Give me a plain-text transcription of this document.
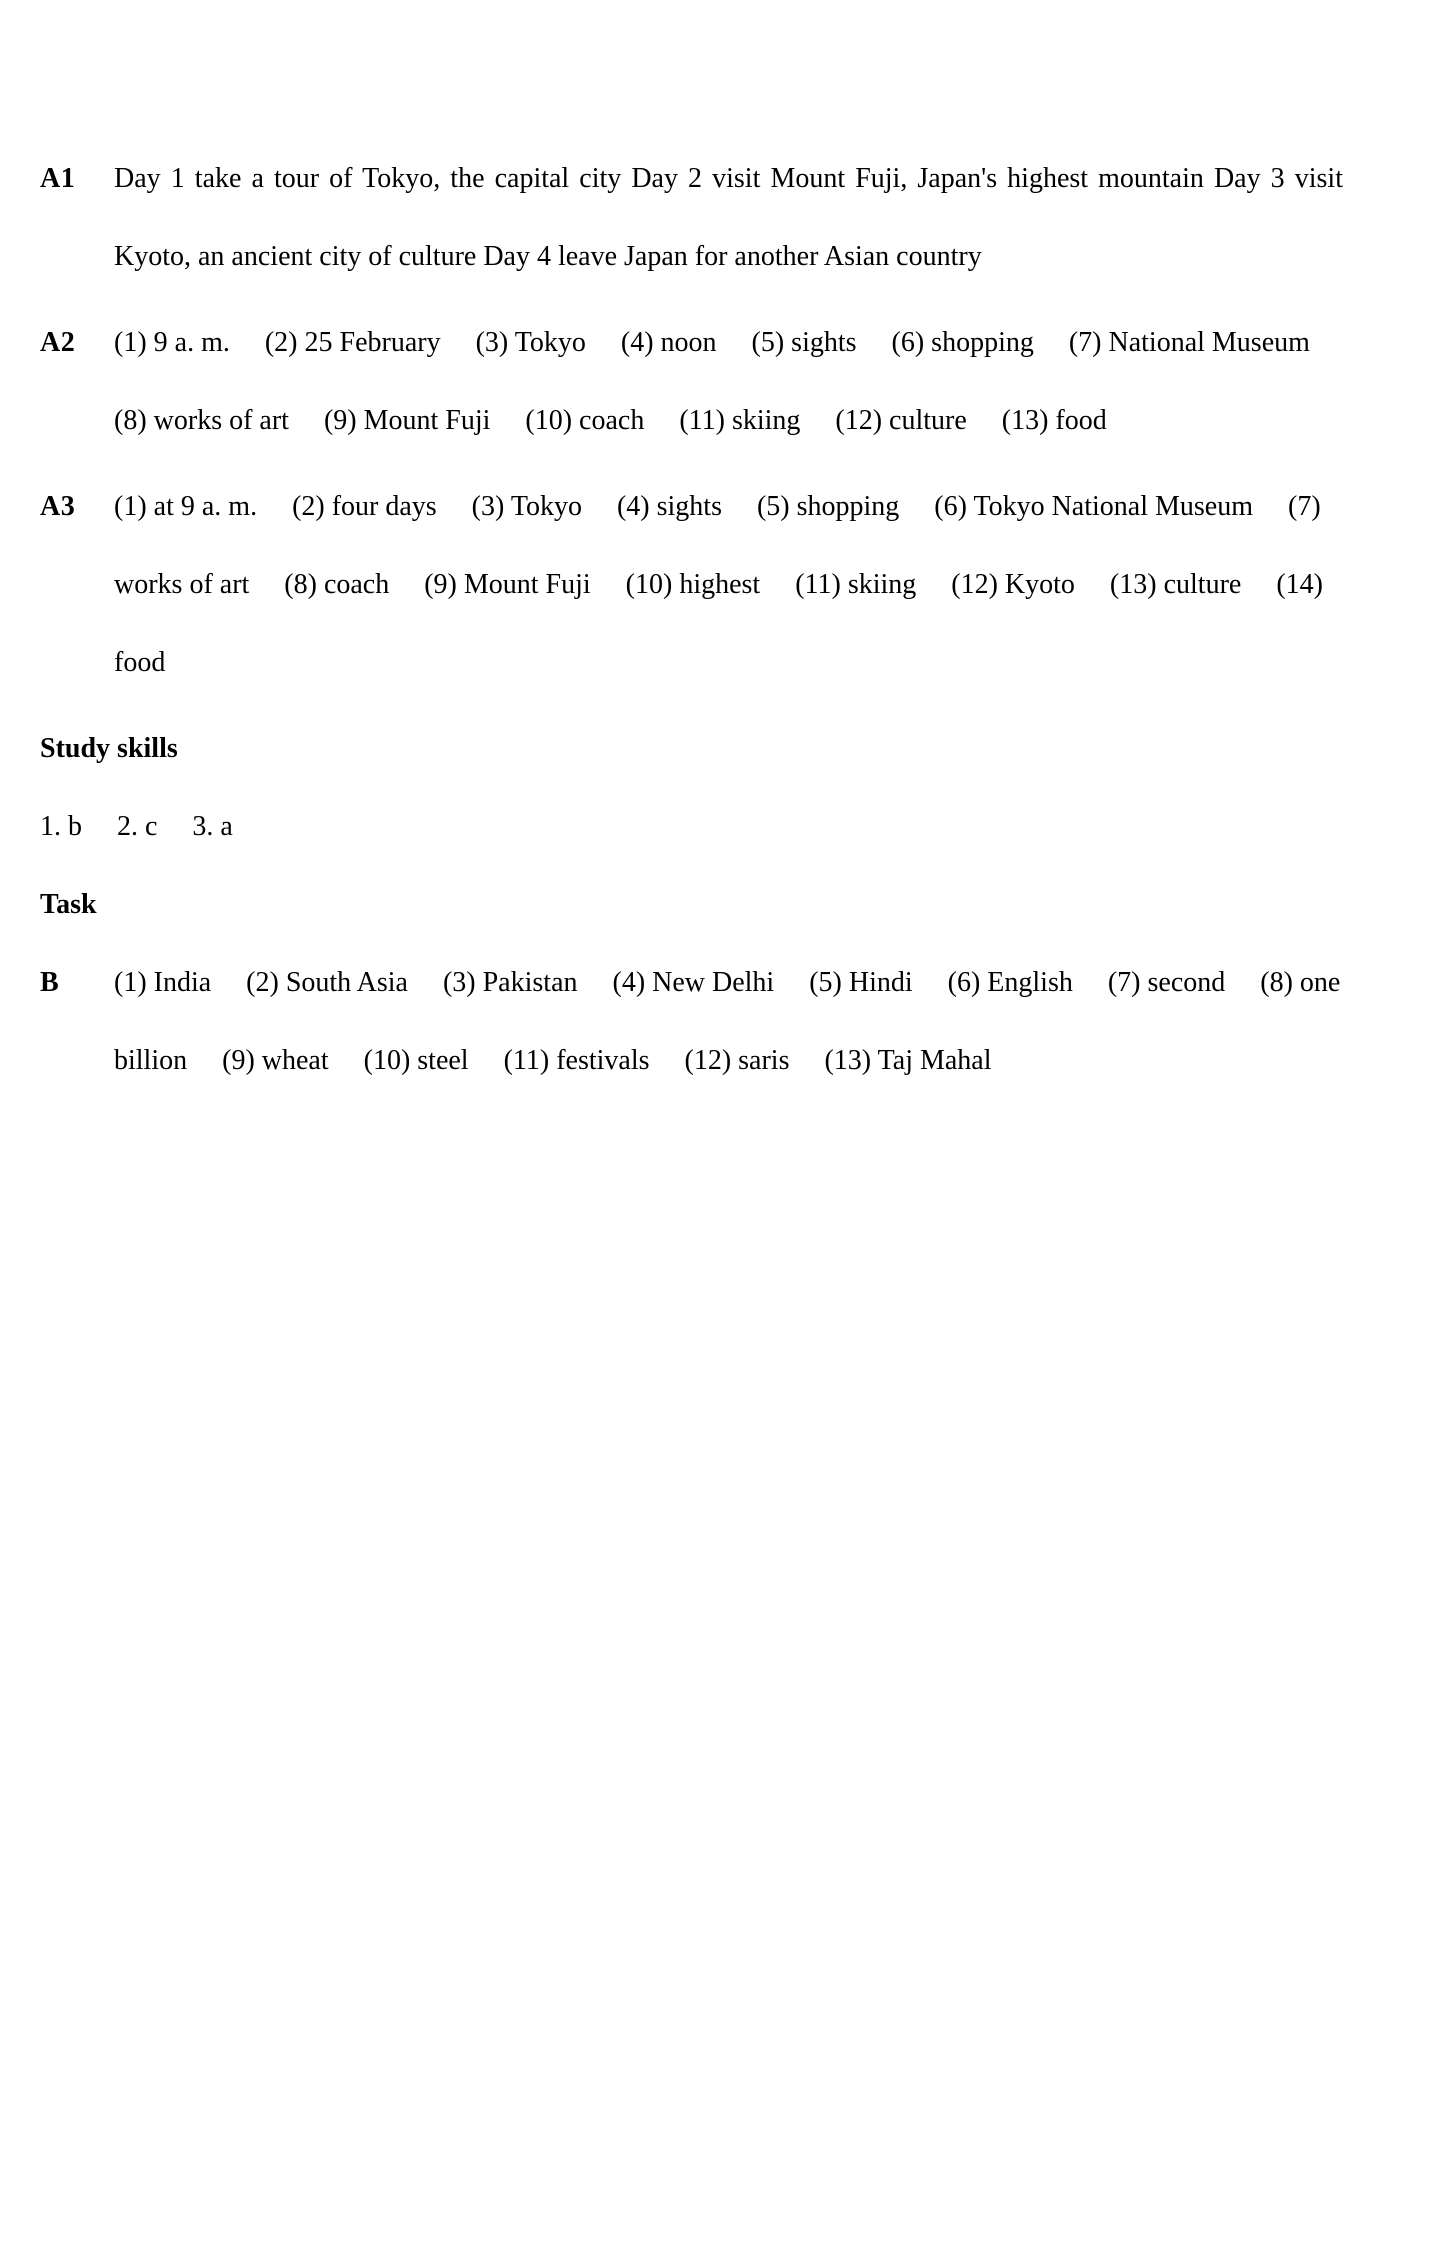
A1	Day 1 take a tour of Tokyo, the capital city Day 2 visit Mount Fuji, Japan's highest mountain Day 3 visit Kyoto, an ancient city of culture Day 4 leave Japan for another Asian country
A2	(1) 9 a. m.　 (2) 25 February　 (3) Tokyo　 (4) noon　 (5) sights　 (6) shopping　 (7) National Museum　 (8) works of art　 (9) Mount Fuji　 (10) coach　 (11) skiing　 (12) culture　 (13) food
A3	(1) at 9 a. m.　 (2) four days　 (3) Tokyo　 (4) sights　 (5) shopping　 (6) Tokyo National Museum　 (7) works of art　 (8) coach　 (9) Mount Fuji　 (10) highest　 (11) skiing　 (12) Kyoto　 (13) culture　 (14) food
Study skills
1. b　 2. c　 3. a
Task
B	(1) India　 (2) South Asia　 (3) Pakistan　 (4) New Delhi　 (5) Hindi　 (6) English　 (7) second　 (8) one billion　 (9) wheat　 (10) steel　 (11) festivals　 (12) saris　 (13) Taj Mahal
